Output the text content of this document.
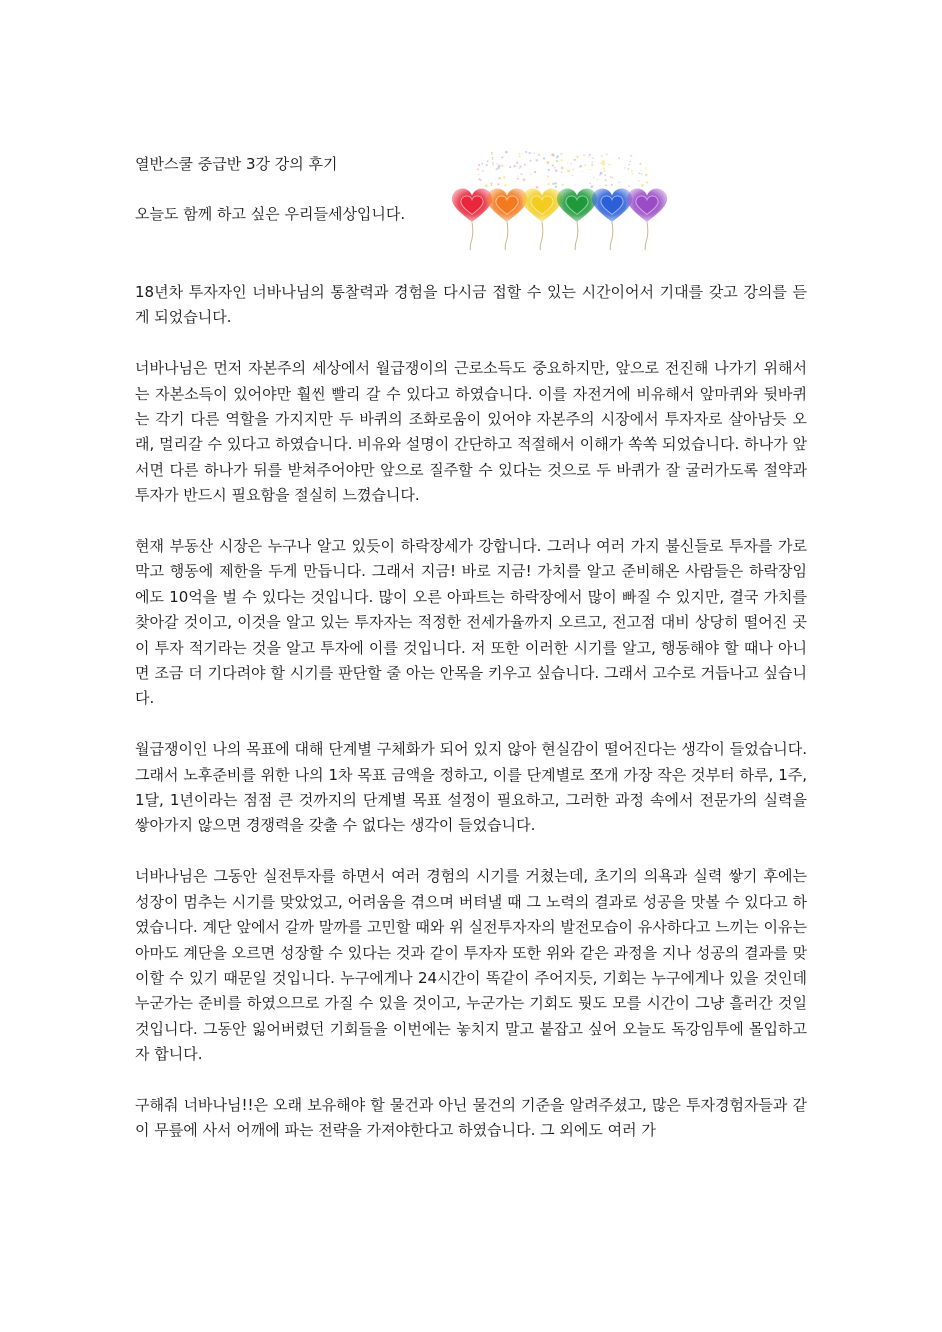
열반스쿨 중급반 3강 강의 후기
오늘도 함께 하고 싶은 우리들세상입니다.

18년차 투자자인 너바나님의 통찰력과 경험을 다시금 접할 수 있는 시간이어서 기대를 갖고 강의를 듣게 되었습니다.

너바나님은 먼저 자본주의 세상에서 월급쟁이의 근로소득도 중요하지만, 앞으로 전진해 나가기 위해서는 자본소득이 있어야만 훨씬 빨리 갈 수 있다고 하였습니다. 이를 자전거에 비유해서 앞마퀴와 뒷바퀴는 각기 다른 역할을 가지지만 두 바퀴의 조화로움이 있어야 자본주의 시장에서 투자자로 살아남듯 오래, 멀리갈 수 있다고 하였습니다. 비유와 설명이 간단하고 적절해서 이해가 쏙쏙 되었습니다. 하나가 앞서면 다른 하나가 뒤를 받쳐주어야만 앞으로 질주할 수 있다는 것으로 두 바퀴가 잘 굴러가도록 절약과 투자가 반드시 필요함을 절실히 느꼈습니다.

현재 부동산 시장은 누구나 알고 있듯이 하락장세가 강합니다. 그러나 여러 가지 불신들로 투자를 가로막고 행동에 제한을 두게 만듭니다. 그래서 지금! 바로 지금! 가치를 알고 준비해온 사람들은 하락장임에도 10억을 벌 수 있다는 것입니다. 많이 오른 아파트는 하락장에서 많이 빠질 수 있지만, 결국 가치를 찾아갈 것이고, 이것을 알고 있는 투자자는 적정한 전세가율까지 오르고, 전고점 대비 상당히 떨어진 곳이 투자 적기라는 것을 알고 투자에 이를 것입니다. 저 또한 이러한 시기를 알고, 행동해야 할 때나 아니면 조금 더 기다려야 할 시기를 판단할 줄 아는 안목을 키우고 싶습니다. 그래서 고수로 거듭나고 싶습니다.

월급쟁이인 나의 목표에 대해 단계별 구체화가 되어 있지 않아 현실감이 떨어진다는 생각이 들었습니다. 그래서 노후준비를 위한 나의 1차 목표 금액을 정하고, 이를 단계별로 쪼개 가장 작은 것부터 하루, 1주, 1달, 1년이라는 점점 큰 것까지의 단계별 목표 설정이 필요하고, 그러한 과정 속에서 전문가의 실력을 쌓아가지 않으면 경쟁력을 갖출 수 없다는 생각이 들었습니다.

너바나님은 그동안 실전투자를 하면서 여러 경험의 시기를 거쳤는데, 초기의 의욕과 실력 쌓기 후에는 성장이 멈추는 시기를 맞았었고, 어려움을 겪으며 버텨낼 때 그 노력의 결과로 성공을 맛볼 수 있다고 하였습니다. 계단 앞에서 갈까 말까를 고민할 때와 위 실전투자자의 발전모습이 유사하다고 느끼는 이유는 아마도 계단을 오르면 성장할 수 있다는 것과 같이 투자자 또한 위와 같은 과정을 지나 성공의 결과를 맞이할 수 있기 때문일 것입니다. 누구에게나 24시간이 똑같이 주어지듯, 기회는 누구에게나 있을 것인데 누군가는 준비를 하였으므로 가질 수 있을 것이고, 누군가는 기회도 뭣도 모를 시간이 그냥 흘러간 것일 것입니다. 그동안 잃어버렸던 기회들을 이번에는 놓치지 말고 붙잡고 싶어 오늘도 독강임투에 몰입하고자 합니다.

구해줘 너바나님!!은 오래 보유해야 할 물건과 아닌 물건의 기준을 알려주셨고, 많은 투자경험자들과 같이 무릎에 사서 어깨에 파는 전략을 가져야한다고 하였습니다. 그 외에도 여러 가
